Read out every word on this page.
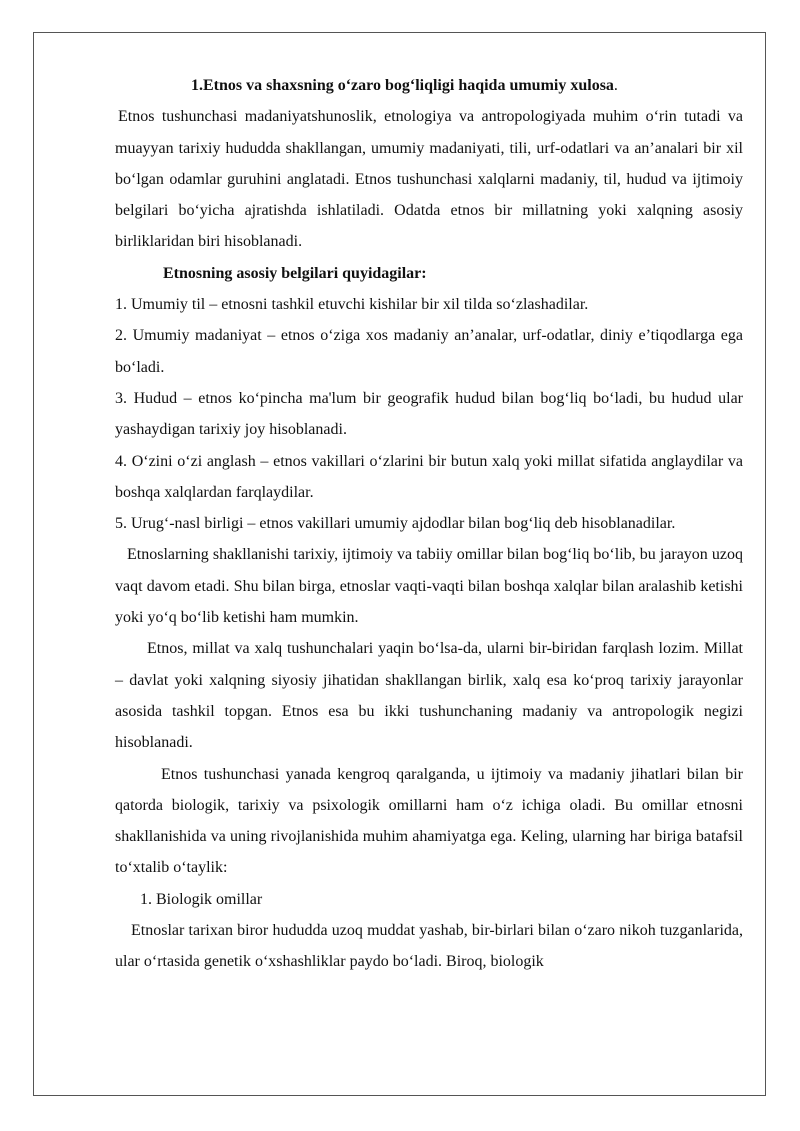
1.Etnos va shaxsning o‘zaro bog‘liqligi haqida umumiy xulosa.

Etnos tushunchasi madaniyatshunoslik, etnologiya va antropologiyada muhim o‘rin tutadi va muayyan tarixiy hududda shakllangan, umumiy madaniyati, tili, urf-odatlari va an’analari bir xil bo‘lgan odamlar guruhini anglatadi. Etnos tushunchasi xalqlarni madaniy, til, hudud va ijtimoiy belgilari bo‘yicha ajratishda ishlatiladi. Odatda etnos bir millatning yoki xalqning asosiy birliklaridan biri hisoblanadi.

Etnosning asosiy belgilari quyidagilar:

1. Umumiy til – etnosni tashkil etuvchi kishilar bir xil tilda so‘zlashadilar.

2. Umumiy madaniyat – etnos o‘ziga xos madaniy an’analar, urf-odatlar, diniy e’tiqodlarga ega bo‘ladi.

3. Hudud – etnos ko‘pincha ma'lum bir geografik hudud bilan bog‘liq bo‘ladi, bu hudud ular yashaydigan tarixiy joy hisoblanadi.

4. O‘zini o‘zi anglash – etnos vakillari o‘zlarini bir butun xalq yoki millat sifatida anglaydilar va boshqa xalqlardan farqlaydilar.

5. Urug‘-nasl birligi – etnos vakillari umumiy ajdodlar bilan bog‘liq deb hisoblanadilar.

Etnoslarning shakllanishi tarixiy, ijtimoiy va tabiiy omillar bilan bog‘liq bo‘lib, bu jarayon uzoq vaqt davom etadi. Shu bilan birga, etnoslar vaqti-vaqti bilan boshqa xalqlar bilan aralashib ketishi yoki yo‘q bo‘lib ketishi ham mumkin.

Etnos, millat va xalq tushunchalari yaqin bo‘lsa-da, ularni bir-biridan farqlash lozim. Millat – davlat yoki xalqning siyosiy jihatidan shakllangan birlik, xalq esa ko‘proq tarixiy jarayonlar asosida tashkil topgan. Etnos esa bu ikki tushunchaning madaniy va antropologik negizi hisoblanadi.

Etnos tushunchasi yanada kengroq qaralganda, u ijtimoiy va madaniy jihatlari bilan bir qatorda biologik, tarixiy va psixologik omillarni ham o‘z ichiga oladi. Bu omillar etnosni shakllanishida va uning rivojlanishida muhim ahamiyatga ega. Keling, ularning har biriga batafsil to‘xtalib o‘taylik:

1. Biologik omillar

Etnoslar tarixan biror hududda uzoq muddat yashab, bir-birlari bilan o‘zaro nikoh tuzganlarida, ular o‘rtasida genetik o‘xshashliklar paydo bo‘ladi. Biroq, biologik
